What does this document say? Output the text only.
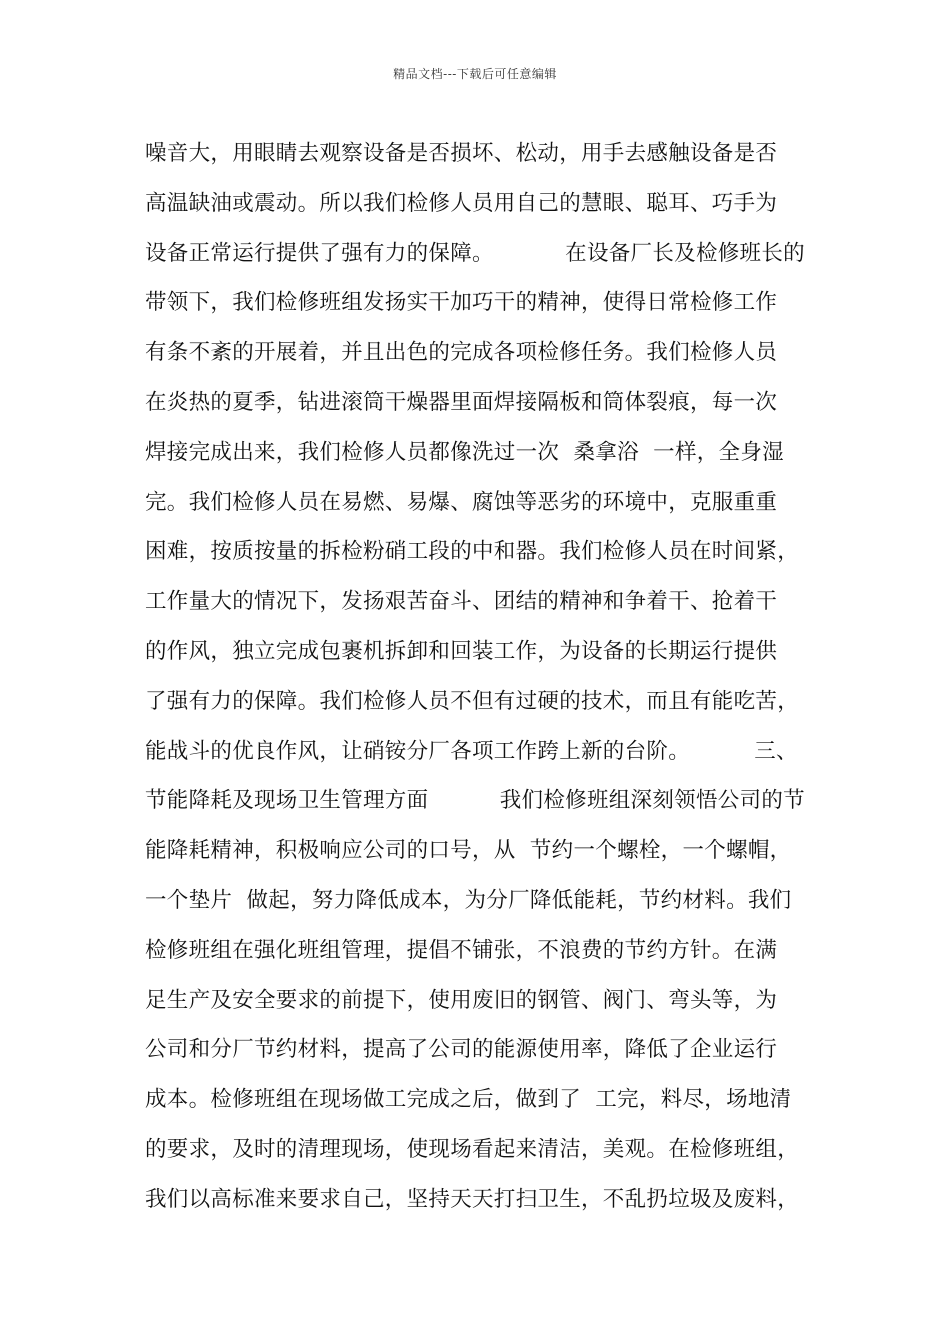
精品文档---下载后可任意编辑
噪音大，用眼睛去观察设备是否损坏、松动，用手去感触设备是否
高温缺油或震动。所以我们检修人员用自己的慧眼、聪耳、巧手为
设备正常运行提供了强有力的保障。          在设备厂长及检修班长的
带领下，我们检修班组发扬实干加巧干的精神，使得日常检修工作
有条不紊的开展着，并且出色的完成各项检修任务。我们检修人员
在炎热的夏季，钻进滚筒干燥器里面焊接隔板和筒体裂痕，每一次
焊接完成出来，我们检修人员都像洗过一次  桑拿浴  一样，全身湿
完。我们检修人员在易燃、易爆、腐蚀等恶劣的环境中，克服重重
困难，按质按量的拆检粉硝工段的中和器。我们检修人员在时间紧，
工作量大的情况下，发扬艰苦奋斗、团结的精神和争着干、抢着干
的作风，独立完成包裹机拆卸和回装工作，为设备的长期运行提供
了强有力的保障。我们检修人员不但有过硬的技术，而且有能吃苦，
能战斗的优良作风，让硝铵分厂各项工作跨上新的台阶。         三、
节能降耗及现场卫生管理方面          我们检修班组深刻领悟公司的节
能降耗精神，积极响应公司的口号，从  节约一个螺栓，一个螺帽，
一个垫片  做起，努力降低成本，为分厂降低能耗，节约材料。我们
检修班组在强化班组管理，提倡不铺张，不浪费的节约方针。在满
足生产及安全要求的前提下，使用废旧的钢管、阀门、弯头等，为
公司和分厂节约材料，提高了公司的能源使用率，降低了企业运行
成本。检修班组在现场做工完成之后，做到了  工完，料尽，场地清
的要求，及时的清理现场，使现场看起来清洁，美观。在检修班组，
我们以高标准来要求自己，坚持天天打扫卫生，不乱扔垃圾及废料，
